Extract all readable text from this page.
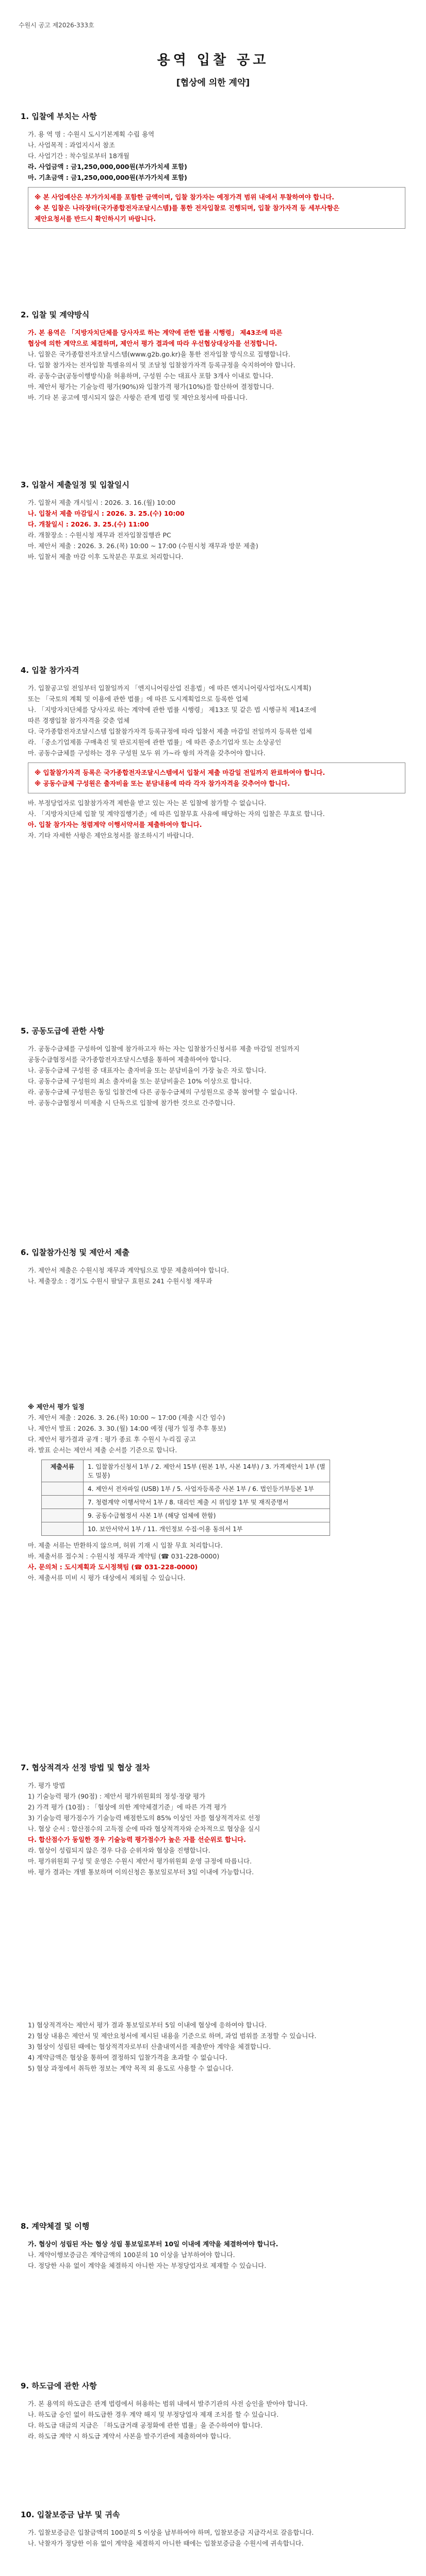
수원시 공고 제2026-333호
용역 입찰 공고
[협상에 의한 계약]
1. 입찰에 부치는 사항

가. 용 역 명 : 수원시 도시기본계획 수립 용역

나. 사업목적 : 과업지시서 참조

다. 사업기간 : 착수일로부터 18개월

라. 사업금액 : 금1,250,000,000원(부가가치세 포함)

마. 기초금액 : 금1,250,000,000원(부가가치세 포함)

※ 본 사업예산은 부가가치세를 포함한 금액이며, 입찰 참가자는 예정가격 범위 내에서 투찰하여야 합니다.

※ 본 입찰은 나라장터(국가종합전자조달시스템)를 통한 전자입찰로 진행되며, 입찰 참가자격 등 세부사항은

제안요청서를 반드시 확인하시기 바랍니다.

2. 입찰 및 계약방식

가. 본 용역은 「지방자치단체를 당사자로 하는 계약에 관한 법률 시행령」 제43조에 따른

협상에 의한 계약으로 체결하며, 제안서 평가 결과에 따라 우선협상대상자를 선정합니다.

나. 입찰은 국가종합전자조달시스템(www.g2b.go.kr)을 통한 전자입찰 방식으로 집행합니다.

다. 입찰 참가자는 전자입찰 특별유의서 및 조달청 입찰참가자격 등록규정을 숙지하여야 합니다.

라. 공동수급(공동이행방식)을 허용하며, 구성원 수는 대표사 포함 3개사 이내로 합니다.

마. 제안서 평가는 기술능력 평가(90%)와 입찰가격 평가(10%)를 합산하여 결정합니다.

바. 기타 본 공고에 명시되지 않은 사항은 관계 법령 및 제안요청서에 따릅니다.

3. 입찰서 제출일정 및 입찰일시

가. 입찰서 제출 개시일시 : 2026. 3. 16.(월) 10:00

나. 입찰서 제출 마감일시 : 2026. 3. 25.(수) 10:00

다. 개찰일시 : 2026. 3. 25.(수) 11:00

라. 개찰장소 : 수원시청 재무과 전자입찰집행관 PC

마. 제안서 제출 : 2026. 3. 26.(목) 10:00 ~ 17:00 (수원시청 재무과 방문 제출)

바. 입찰서 제출 마감 이후 도착분은 무효로 처리합니다.

4. 입찰 참가자격

가. 입찰공고일 전일부터 입찰일까지 「엔지니어링산업 진흥법」에 따른 엔지니어링사업자(도시계획)

또는 「국토의 계획 및 이용에 관한 법률」에 따른 도시계획업으로 등록한 업체

나. 「지방자치단체를 당사자로 하는 계약에 관한 법률 시행령」 제13조 및 같은 법 시행규칙 제14조에

따른 경쟁입찰 참가자격을 갖춘 업체

다. 국가종합전자조달시스템 입찰참가자격 등록규정에 따라 입찰서 제출 마감일 전일까지 등록한 업체

라. 「중소기업제품 구매촉진 및 판로지원에 관한 법률」에 따른 중소기업자 또는 소상공인

마. 공동수급체를 구성하는 경우 구성원 모두 위 가~라 항의 자격을 갖추어야 합니다.

※ 입찰참가자격 등록은 국가종합전자조달시스템에서 입찰서 제출 마감일 전일까지 완료하여야 합니다.

※ 공동수급체 구성원은 출자비율 또는 분담내용에 따라 각자 참가자격을 갖추어야 합니다.

바. 부정당업자로 입찰참가자격 제한을 받고 있는 자는 본 입찰에 참가할 수 없습니다.

사. 「지방자치단체 입찰 및 계약집행기준」에 따른 입찰무효 사유에 해당하는 자의 입찰은 무효로 합니다.

아. 입찰 참가자는 청렴계약 이행서약서를 제출하여야 합니다.

자. 기타 자세한 사항은 제안요청서를 참조하시기 바랍니다.

5. 공동도급에 관한 사항

가. 공동수급체를 구성하여 입찰에 참가하고자 하는 자는 입찰참가신청서류 제출 마감일 전일까지

공동수급협정서를 국가종합전자조달시스템을 통하여 제출하여야 합니다.

나. 공동수급체 구성원 중 대표자는 출자비율 또는 분담비율이 가장 높은 자로 합니다.

다. 공동수급체 구성원의 최소 출자비율 또는 분담비율은 10% 이상으로 합니다.

라. 공동수급체 구성원은 동일 입찰건에 다른 공동수급체의 구성원으로 중복 참여할 수 없습니다.

마. 공동수급협정서 미제출 시 단독으로 입찰에 참가한 것으로 간주합니다.

6. 입찰참가신청 및 제안서 제출

가. 제안서 제출은 수원시청 재무과 계약팀으로 방문 제출하여야 합니다.

나. 제출장소 : 경기도 수원시 팔달구 효원로 241 수원시청 재무과

※ 제안서 평가 일정

가. 제안서 제출 : 2026. 3. 26.(목) 10:00 ~ 17:00 (제출 시간 엄수)

나. 제안서 발표 : 2026. 3. 30.(월) 14:00 예정 (평가 일정 추후 통보)

다. 제안서 평가결과 공개 : 평가 종료 후 수원시 누리집 공고

라. 발표 순서는 제안서 제출 순서를 기준으로 합니다.

제출서류	1. 입찰참가신청서 1부 / 2. 제안서 15부 (원본 1부, 사본 14부) / 3. 가격제안서 1부 (별도 밀봉)
	4. 제안서 전자파일 (USB) 1부 / 5. 사업자등록증 사본 1부 / 6. 법인등기부등본 1부
	7. 청렴계약 이행서약서 1부 / 8. 대리인 제출 시 위임장 1부 및 재직증명서
	9. 공동수급협정서 사본 1부 (해당 업체에 한함)
	10. 보안서약서 1부 / 11. 개인정보 수집·이용 동의서 1부

마. 제출 서류는 반환하지 않으며, 허위 기재 시 입찰 무효 처리합니다.

바. 제출서류 접수처 : 수원시청 재무과 계약팀 (☎ 031-228-0000)

사. 문의처 : 도시계획과 도시정책팀 (☎ 031-228-0000)

아. 제출서류 미비 시 평가 대상에서 제외될 수 있습니다.

7. 협상적격자 선정 방법 및 협상 절차

가. 평가 방법

1) 기술능력 평가 (90점) : 제안서 평가위원회의 정성·정량 평가

2) 가격 평가 (10점) : 「협상에 의한 계약체결기준」에 따른 가격 평가

3) 기술능력 평가점수가 기술능력 배점한도의 85% 이상인 자를 협상적격자로 선정

나. 협상 순서 : 합산점수의 고득점 순에 따라 협상적격자와 순차적으로 협상을 실시

다. 합산점수가 동일한 경우 기술능력 평가점수가 높은 자를 선순위로 합니다.

라. 협상이 성립되지 않은 경우 다음 순위자와 협상을 진행합니다.

마. 평가위원회 구성 및 운영은 수원시 제안서 평가위원회 운영 규정에 따릅니다.

바. 평가 결과는 개별 통보하며 이의신청은 통보일로부터 3일 이내에 가능합니다.

1) 협상적격자는 제안서 평가 결과 통보일로부터 5일 이내에 협상에 응하여야 합니다.

2) 협상 내용은 제안서 및 제안요청서에 제시된 내용을 기준으로 하며, 과업 범위를 조정할 수 있습니다.

3) 협상이 성립된 때에는 협상적격자로부터 산출내역서를 제출받아 계약을 체결합니다.

4) 계약금액은 협상을 통하여 결정하되 입찰가격을 초과할 수 없습니다.

5) 협상 과정에서 취득한 정보는 계약 목적 외 용도로 사용할 수 없습니다.

8. 계약체결 및 이행

가. 협상이 성립된 자는 협상 성립 통보일로부터 10일 이내에 계약을 체결하여야 합니다.

나. 계약이행보증금은 계약금액의 100분의 10 이상을 납부하여야 합니다.

다. 정당한 사유 없이 계약을 체결하지 아니한 자는 부정당업자로 제재할 수 있습니다.

9. 하도급에 관한 사항

가. 본 용역의 하도급은 관계 법령에서 허용하는 범위 내에서 발주기관의 사전 승인을 받아야 합니다.

나. 하도급 승인 없이 하도급한 경우 계약 해지 및 부정당업자 제재 조치를 할 수 있습니다.

다. 하도급 대금의 지급은 「하도급거래 공정화에 관한 법률」을 준수하여야 합니다.

라. 하도급 계약 시 하도급 계약서 사본을 발주기관에 제출하여야 합니다.

10. 입찰보증금 납부 및 귀속

가. 입찰보증금은 입찰금액의 100분의 5 이상을 납부하여야 하며, 입찰보증금 지급각서로 갈음합니다.

나. 낙찰자가 정당한 이유 없이 계약을 체결하지 아니한 때에는 입찰보증금을 수원시에 귀속합니다.
